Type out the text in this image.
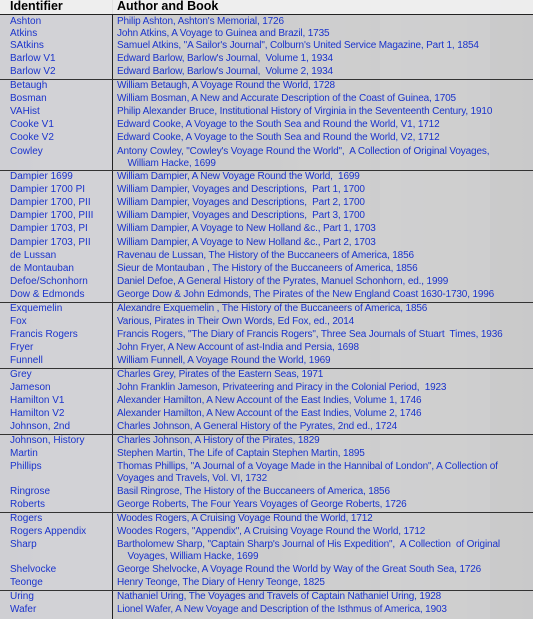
Identifier	Author and Book
Ashton	Philip Ashton, Ashton's Memorial, 1726
Atkins	John Atkins, A Voyage to Guinea and Brazil, 1735
SAtkins	Samuel Atkins, "A Sailor's Journal", Colburn's United Service Magazine, Part 1, 1854
Barlow V1	Edward Barlow, Barlow's Journal,  Volume 1, 1934
Barlow V2	Edward Barlow, Barlow's Journal,  Volume 2, 1934
Betaugh	William Betaugh, A Voyage Round the World, 1728
Bosman	William Bosman, A New and Accurate Description of the Coast of Guinea, 1705
VAHist	Philip Alexander Bruce, Institutional History of Virginia in the Seventeenth Century, 1910
Cooke V1	Edward Cooke, A Voyage to the South Sea and Round the World, V1, 1712
Cooke V2	Edward Cooke, A Voyage to the South Sea and Round the World, V2, 1712
Cowley	Antony Cowley, "Cowley's Voyage Round the World",  A Collection of Original Voyages,
William Hacke, 1699
Dampier 1699	William Dampier, A New Voyage Round the World,  1699
Dampier 1700 PI	William Dampier, Voyages and Descriptions,  Part 1, 1700
Dampier 1700, PII	William Dampier, Voyages and Descriptions,  Part 2, 1700
Dampier 1700, PIII William Dampier, Voyages and Descriptions,  Part 3, 1700
Dampier 1703, PI	William Dampier, A Voyage to New Holland &c., Part 1, 1703
Dampier 1703, PII	William Dampier, A Voyage to New Holland &c., Part 2, 1703
de Lussan	Ravenau de Lussan, The History of the Buccaneers of America, 1856
de Montauban	Sieur de Montauban , The History of the Buccaneers of America, 1856
Defoe/Schonhorn	Daniel Defoe, A General History of the Pyrates, Manuel Schonhorn, ed., 1999
Dow & Edmonds	George Dow & John Edmonds, The Pirates of the New England Coast 1630-1730, 1996
Exquemelin	Alexandre Exquemelin , The History of the Buccaneers of America, 1856
Fox	Various, Pirates in Their Own Words, Ed Fox, ed., 2014
Francis Rogers	Francis Rogers, "The Diary of Francis Rogers", Three Sea Journals of Stuart  Times, 1936
Fryer	John Fryer, A New Account of ast-India and Persia, 1698
Funnell	William Funnell, A Voyage Round the World, 1969
Grey	Charles Grey, Pirates of the Eastern Seas, 1971
Jameson	John Franklin Jameson, Privateering and Piracy in the Colonial Period,  1923
Hamilton V1	Alexander Hamilton, A New Account of the East Indies, Volume 1, 1746
Hamilton V2	Alexander Hamilton, A New Account of the East Indies, Volume 2, 1746
Johnson, 2nd	Charles Johnson, A General History of the Pyrates, 2nd ed., 1724
Johnson, History	Charles Johnson, A History of the Pirates, 1829
Martin	Stephen Martin, The Life of Captain Stephen Martin, 1895
Phillips	Thomas Phillips, "A Journal of a Voyage Made in the Hannibal of London", A Collection of
Voyages and Travels, Vol. VI, 1732
Ringrose	Basil Ringrose, The History of the Buccaneers of America, 1856
Roberts	George Roberts, The Four Years Voyages of George Roberts, 1726
Rogers	Woodes Rogers, A Cruising Voyage Round the World, 1712
Rogers Appendix	Woodes Rogers, "Appendix", A Cruising Voyage Round the World, 1712
Sharp	Bartholomew Sharp, "Captain Sharp's Journal of His Expedition",  A Collection  of Original
Voyages, William Hacke, 1699
Shelvocke	George Shelvocke, A Voyage Round the World by Way of the Great South Sea, 1726
Teonge	Henry Teonge, The Diary of Henry Teonge, 1825
Uring	Nathaniel Uring, The Voyages and Travels of Captain Nathaniel Uring, 1928
Wafer	Lionel Wafer, A New Voyage and Description of the Isthmus of America, 1903
